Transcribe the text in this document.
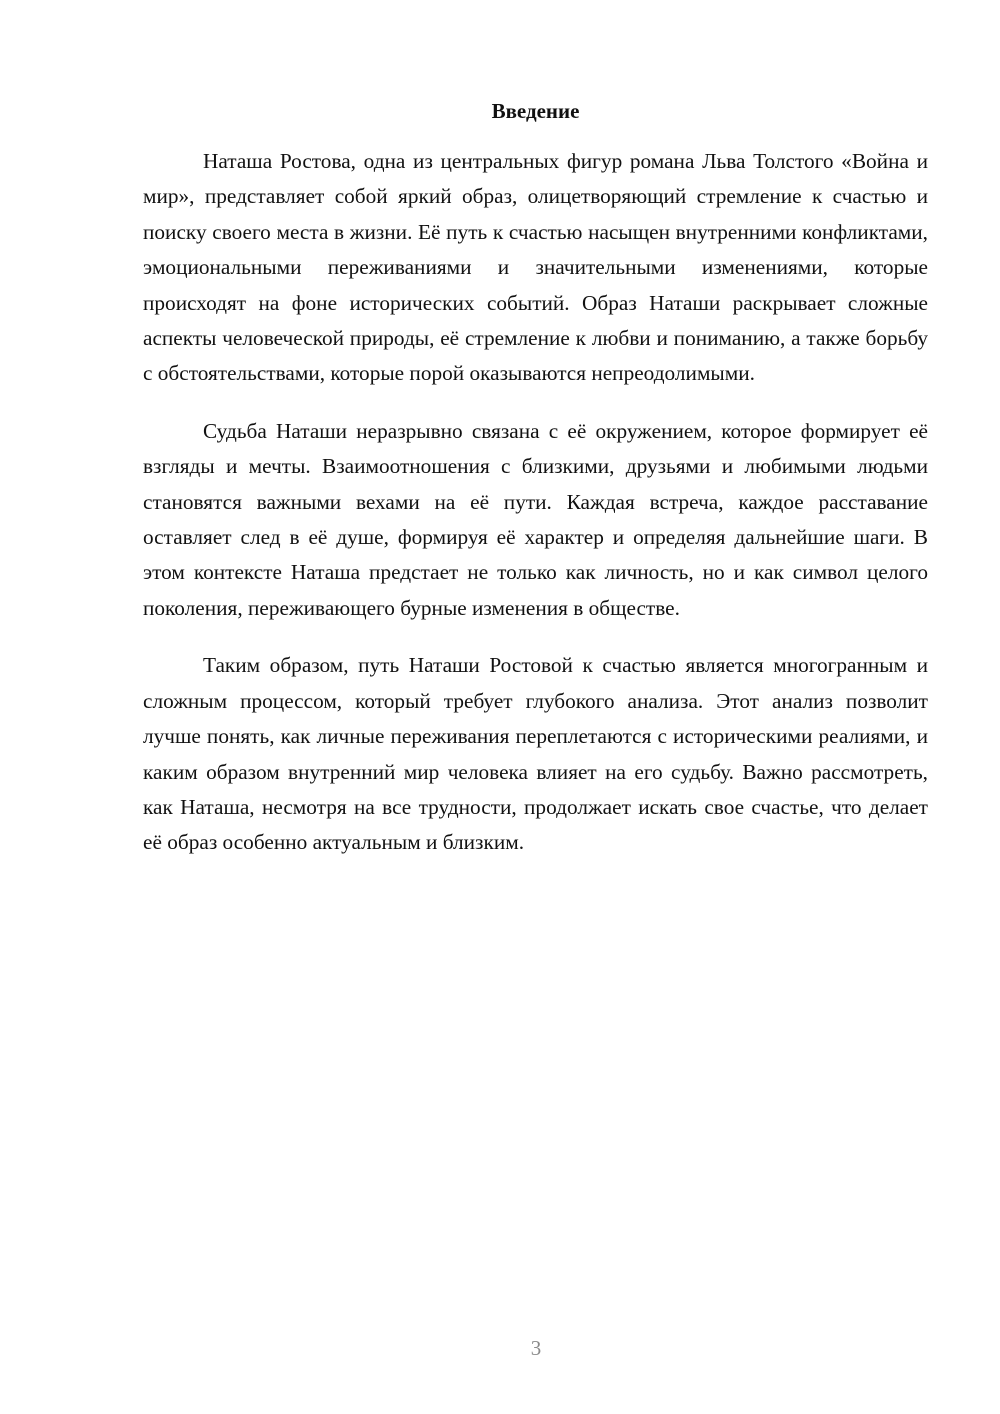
Введение

Наташа Ростова, одна из центральных фигур романа Льва Толстого «Война и мир», представляет собой яркий образ, олицетворяющий стремление к счастью и поиску своего места в жизни. Её путь к счастью насыщен внутренними конфликтами, эмоциональными переживаниями и значительными изменениями, которые происходят на фоне исторических событий. Образ Наташи раскрывает сложные аспекты человеческой природы, её стремление к любви и пониманию, а также борьбу с обстоятельствами, которые порой оказываются непреодолимыми.

Судьба Наташи неразрывно связана с её окружением, которое формирует её взгляды и мечты. Взаимоотношения с близкими, друзьями и любимыми людьми становятся важными вехами на её пути. Каждая встреча, каждое расставание оставляет след в её душе, формируя её характер и определяя дальнейшие шаги. В этом контексте Наташа предстает не только как личность, но и как символ целого поколения, переживающего бурные изменения в обществе.

Таким образом, путь Наташи Ростовой к счастью является многогранным и сложным процессом, который требует глубокого анализа. Этот анализ позволит лучше понять, как личные переживания переплетаются с историческими реалиями, и каким образом внутренний мир человека влияет на его судьбу. Важно рассмотреть, как Наташа, несмотря на все трудности, продолжает искать свое счастье, что делает её образ особенно актуальным и близким.

3
